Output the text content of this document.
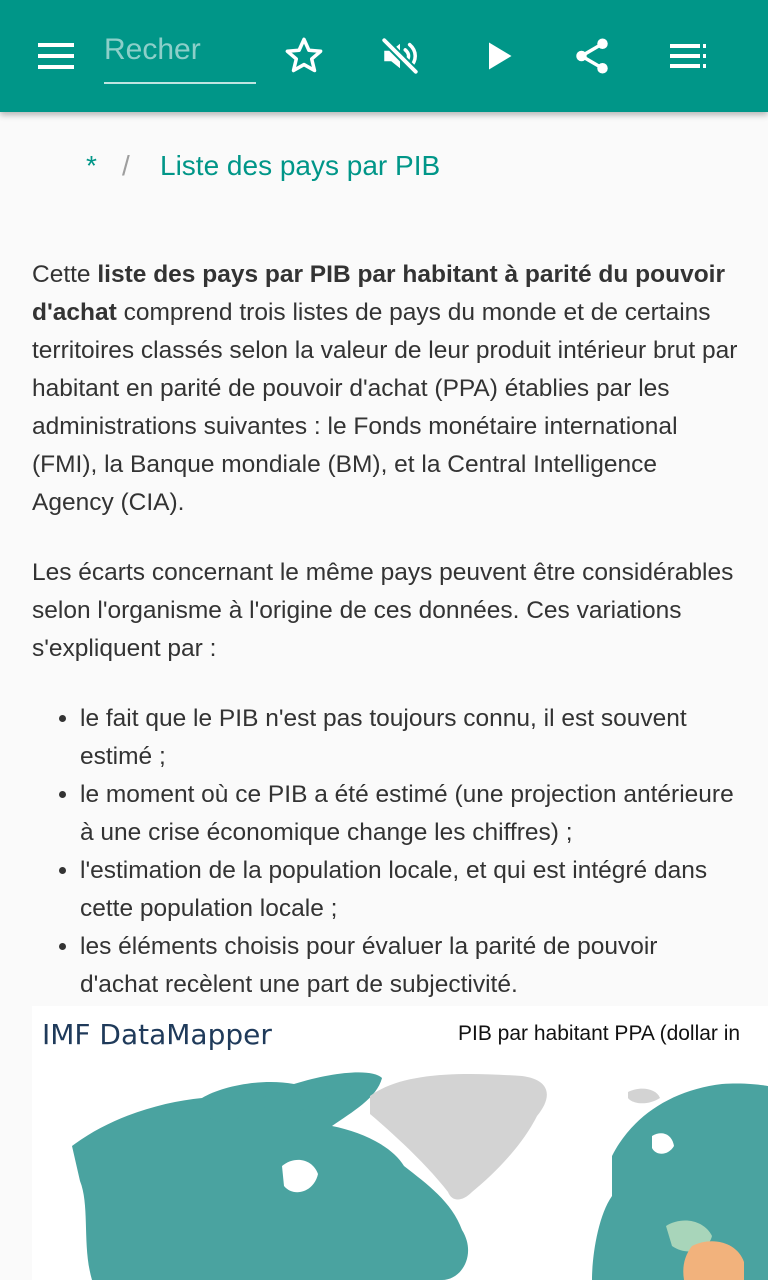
Recher
* / Liste des pays par PIB

Cette liste des pays par PIB par habitant à parité du pouvoir d'achat comprend trois listes de pays du monde et de certains territoires classés selon la valeur de leur produit intérieur brut par habitant en parité de pouvoir d'achat (PPA) établies par les administrations suivantes : le Fonds monétaire international (FMI), la Banque mondiale (BM), et la Central Intelligence Agency (CIA).

Les écarts concernant le même pays peuvent être considérables selon l'organisme à l'origine de ces données. Ces variations s'expliquent par :

• le fait que le PIB n'est pas toujours connu, il est souvent estimé ;
• le moment où ce PIB a été estimé (une projection antérieure à une crise économique change les chiffres) ;
• l'estimation de la population locale, et qui est intégré dans cette population locale ;
• les éléments choisis pour évaluer la parité de pouvoir d'achat recèlent une part de subjectivité.
IMF DataMapper	PIB par habitant PPA (dollar in
